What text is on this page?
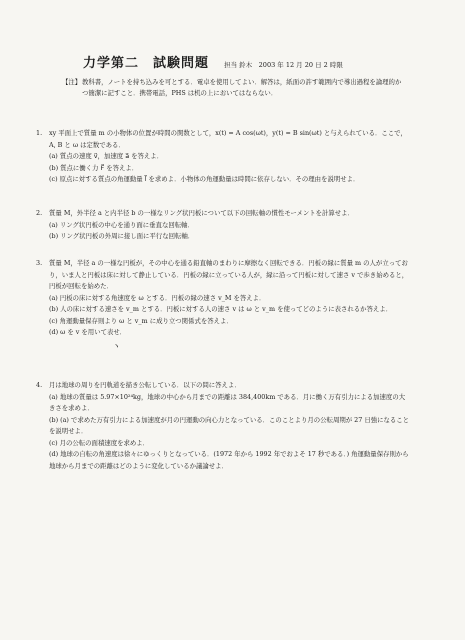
力学第二　試験問題 担当 鈴木　2003 年 12 月 20 日 2 時限
【注】 教科書，ノートを持ち込みを可とする．電卓を使用してよい．解答は，紙面の許す範囲内で導出過程を論理的かつ簡潔に記すこと．携帯電話，PHS は机の上においてはならない．
1. xy 平面上で質量 m の小物体の位置が時間の関数として，x(t) = A cos(ωt)，y(t) = B sin(ωt) と与えられている．ここで，A, B と ω は定数である．
(a) 質点の速度 v⃗，加速度 a⃗ を答えよ．
(b) 質点に働く力 F⃗ を答えよ．
(c) 原点に対する質点の角運動量 l⃗ を求めよ．小物体の角運動量は時間に依存しない．その理由を説明せよ．
2. 質量 M，外半径 a と内半径 b の一様なリング状円板について以下の回転軸の慣性モーメントを計算せよ．
(a) リング状円板の中心を通り面に垂直な回転軸．
(b) リング状円板の外周に接し面に平行な回転軸．
3. 質量 M，半径 a の一様な円板が，その中心を通る鉛直軸のまわりに摩擦なく回転できる．円板の縁に質量 m の人が立っており，いま人と円板は床に対して静止している．円板の縁に立っている人が，縁に沿って円板に対して速さ v で歩き始めると，円板が回転を始めた．
(a) 円板の床に対する角速度を ω とする．円板の縁の速さ v_M を答えよ．
(b) 人の床に対する速さを v_m とする．円板に対する人の速さ v は ω と v_m を使ってどのように表されるか答えよ．
(c) 角運動量保存則より ω と v_m に成り立つ関係式を答えよ．
(d) ω を v を用いて表せ．
ヽ
4. 月は地球の周りを円軌道を描き公転している．以下の問に答えよ．
(a) 地球の質量は 5.97×10²⁴kg，地球の中心から月までの距離は 384,400km である．月に働く万有引力による加速度の大きさを求めよ．
(b) (a) で求めた万有引力による加速度が月の円運動の向心力となっている．このことより月の公転周期が 27 日強になることを説明せよ．
(c) 月の公転の面積速度を求めよ．
(d) 地球の自転の角速度は徐々にゆっくりとなっている．(1972 年から 1992 年でおよそ 17 秒である．) 角運動量保存則から地球から月までの距離はどのように変化しているか議論せよ．
